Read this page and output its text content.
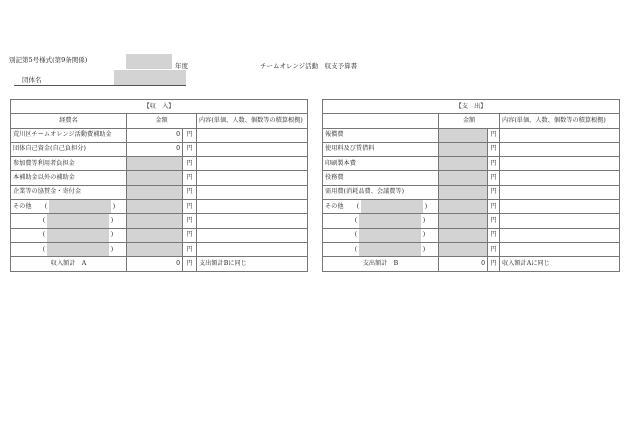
別記第5号様式(第9条関係)
年度	チームオレンジ活動　収支予算書
団体名
【収　入】			
経費名	金額		内容(単価、人数、個数等の積算根拠)
荒川区チームオレンジ活動費補助金	0	円	
団体自己資金(自己負担分)	0	円	
参加費等利用者負担金		円	
本補助金以外の補助金		円	
企業等の協賛金・寄付金		円	

その他 ( )		円	

( )		円	

( )		円	

( )		円	
収入額計　A	0	円	支出額計Bに同じ
【支　出】			
	金額		内容(単価、人数、個数等の積算根拠)
報償費		円	
使用料及び賃借料		円	
印刷製本費		円	
役務費		円	
需用費(消耗品費、会議費等)		円	

その他 ( )		円	

( )		円	

( )		円	

( )		円	
支出額計　B	0	円	収入額計Aに同じ
